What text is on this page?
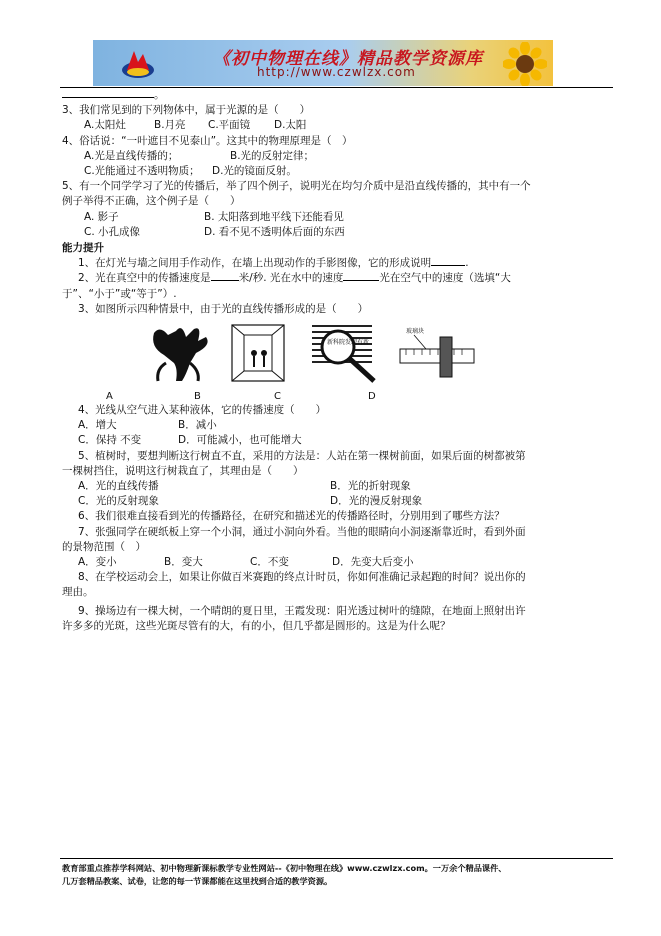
《初中物理在线》精品教学资源库
http://www.czwlzx.com
。
3、我们常见到的下列物体中，属于光源的是（　　）
A.太阳灶	B.月亮 C.平面镜 D.太阳
4、俗话说：“一叶遮目不见泰山”。这其中的物理原理是（　）
A.光是直线传播的；	B.光的反射定律；
C.光能通过不透明物质； D.光的镜面反射。
5、有一个同学学习了光的传播后，举了四个例子，说明光在均匀介质中是沿直线传播的，其中有一个
例子举得不正确，这个例子是（　　）
A. 影子	B. 太阳落到地平线下还能看见
C. 小孔成像	D. 看不见不透明体后面的东西
能力提升
1、在灯光与墙之间用手作动作，在墙上出现动作的手影图像，它的形成说明	.
2、光在真空中的传播速度是	米/秒. 光在水中的速度	光在空气中的速度（选填“大
于”、“小于”或“等于”）.
3、如图所示四种情景中，由于光的直线传播形成的是（　　）
新科院发现有新
玻璃块
A	B	C	D
4、光线从空气进入某种液体，它的传播速度（　　）
A．增大	B．减小
C．保持 不变	D．可能减小，也可能增大
5、植树时，要想判断这行树直不直，采用的方法是：人站在第一棵树前面，如果后面的树都被第
一棵树挡住，说明这行树栽直了，其理由是（　　）
A．光的直线传播	B．光的折射现象
C．光的反射现象	D．光的漫反射现象
6、我们很难直接看到光的传播路径，在研究和描述光的传播路径时，分别用到了哪些方法？
7、张强同学在硬纸板上穿一个小洞，通过小洞向外看。当他的眼睛向小洞逐渐靠近时，看到外面
的景物范围（　）
A．变小	B．变大	C．不变	D．先变大后变小
8、在学校运动会上，如果让你做百米赛跑的终点计时员，你如何准确记录起跑的时间？说出你的
理由。
9、操场边有一棵大树，一个晴朗的夏日里，王霞发现：阳光透过树叶的缝隙，在地面上照射出许
许多多的光斑，这些光斑尽管有的大，有的小，但几乎都是圆形的。这是为什么呢？
教育部重点推荐学科网站、初中物理新课标教学专业性网站--《初中物理在线》www.czwlzx.com。一万余个精品课件、
几万套精品教案、试卷，让您的每一节课都能在这里找到合适的教学资源。
